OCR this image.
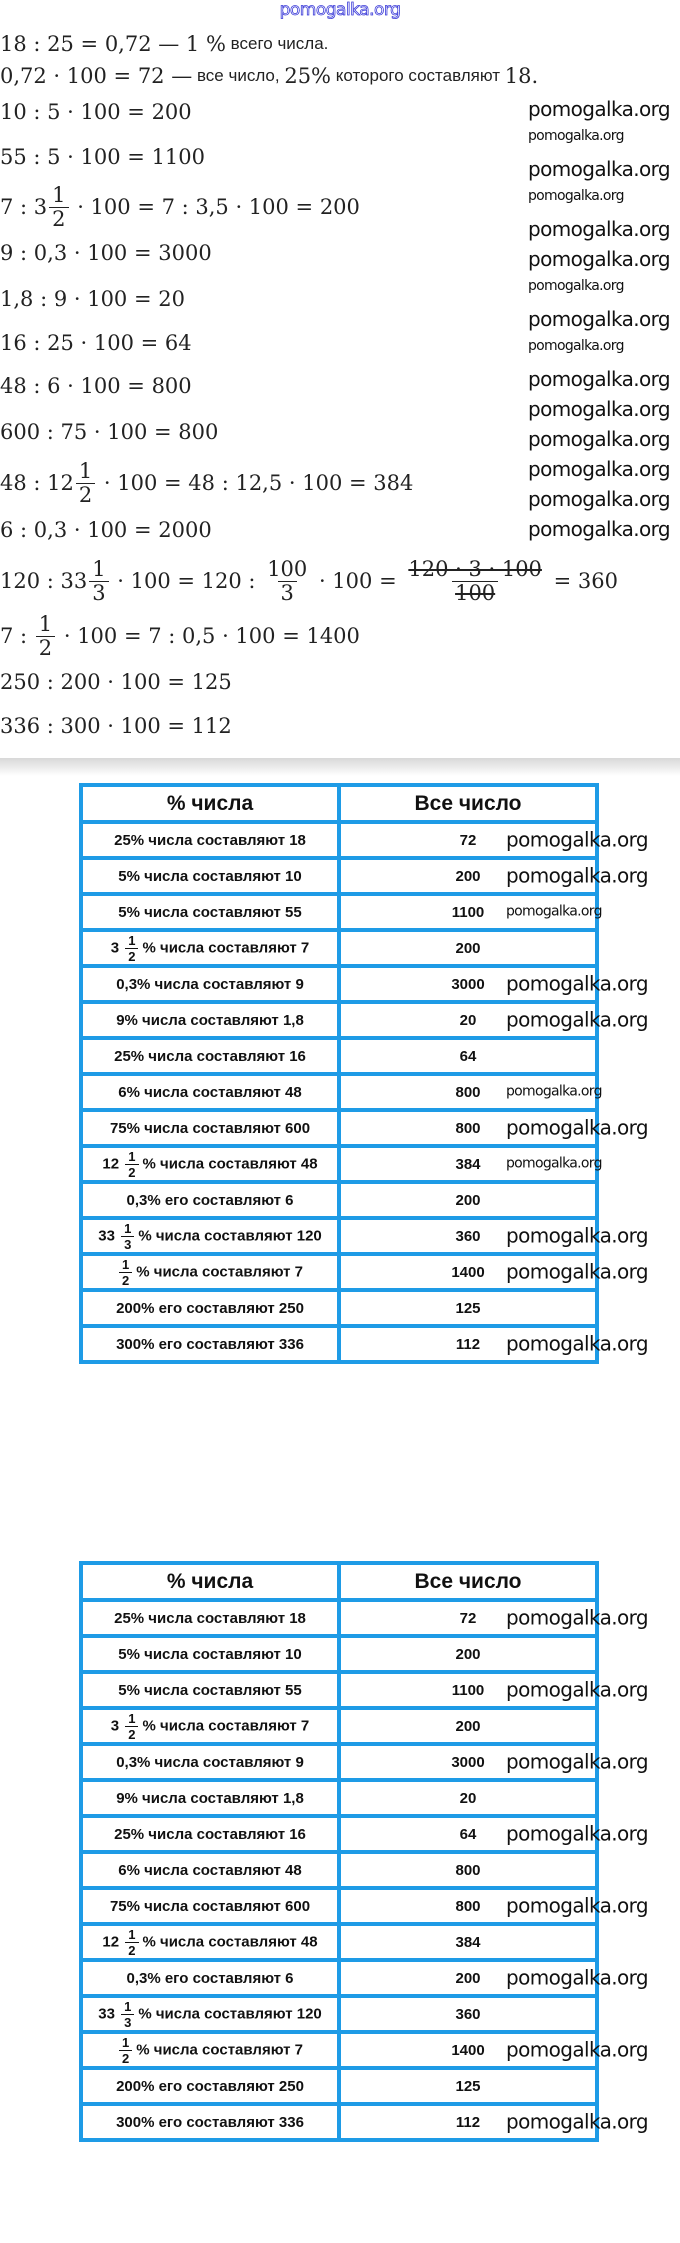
pomogalka.org
18 : 25 = 0,72 — 1 % всего числа.
0,72 · 100 = 72 — все число, 25% которого составляют 18.
10 : 5 · 100 = 200
55 : 5 · 100 = 1100
7 : $3 \frac{1}{2} \cdot 100 = 7$ : 3,5 · 100 = 200
9 : 0,3 · 100 = 3000
1,8 : 9 · 100 = 20
16 : 25 · 100 = 64
48 : 6 · 100 = 800
600 : 75 · 100 = 800
48 : $12 \frac{1}{2} \cdot 100 = 48$ : 12,5 · 100 = 384
6 : 0,3 · 100 = 2000
120 : $33 \frac{1}{3} \cdot 100 = 120$ : $\frac{100}{3} \cdot 100 = \frac{120 \cdot 3 \cdot 100}{100} = 360$
7 : $\frac{1}{2} \cdot 100 = 7$ : 0,5 · 100 = 1400
250 : 200 · 100 = 125
336 : 300 · 100 = 112
% числа	Все число
25% числа составляют 18	72 pomogalka.org

5% числа составляют 10	200 pomogalka.org

5% числа составляют 55	1100 pomogalka.org

$3 \frac{1}{2}$ % числа составляют 7	200
0,3% числа составляют 9	3000 pomogalka.org

9% числа составляют 1,8	20 pomogalka.org

25% числа составляют 16	64
6% числа составляют 48	800 pomogalka.org

75% числа составляют 600	800 pomogalka.org

$12 \frac{1}{2}$ % числа составляют 48	384 pomogalka.org

0,3% его составляют 6	200
$33 \frac{1}{3}$ % числа составляют 120	360 pomogalka.org

$\frac{1}{2}$ % числа составляют 7	1400 pomogalka.org

200% его составляют 250	125
300% его составляют 336	112 pomogalka.org
% числа	Все число
25% числа составляют 18	72 pomogalka.org

5% числа составляют 10	200
5% числа составляют 55	1100 pomogalka.org

$3 \frac{1}{2}$ % числа составляют 7	200
0,3% числа составляют 9	3000 pomogalka.org

9% числа составляют 1,8	20
25% числа составляют 16	64 pomogalka.org

6% числа составляют 48	800
75% числа составляют 600	800 pomogalka.org

$12 \frac{1}{2}$ % числа составляют 48	384
0,3% его составляют 6	200 pomogalka.org

$33 \frac{1}{3}$ % числа составляют 120	360

$\frac{1}{2}$ % числа составляют 7	1400 pomogalka.org

200% его составляют 250	125
300% его составляют 336	112 pomogalka.org
pomogalka.org
pomogalka.org
pomogalka.org
pomogalka.org
pomogalka.org
pomogalka.org
pomogalka.org
pomogalka.org
pomogalka.org
pomogalka.org
pomogalka.org
pomogalka.org
pomogalka.org
pomogalka.org
pomogalka.org
